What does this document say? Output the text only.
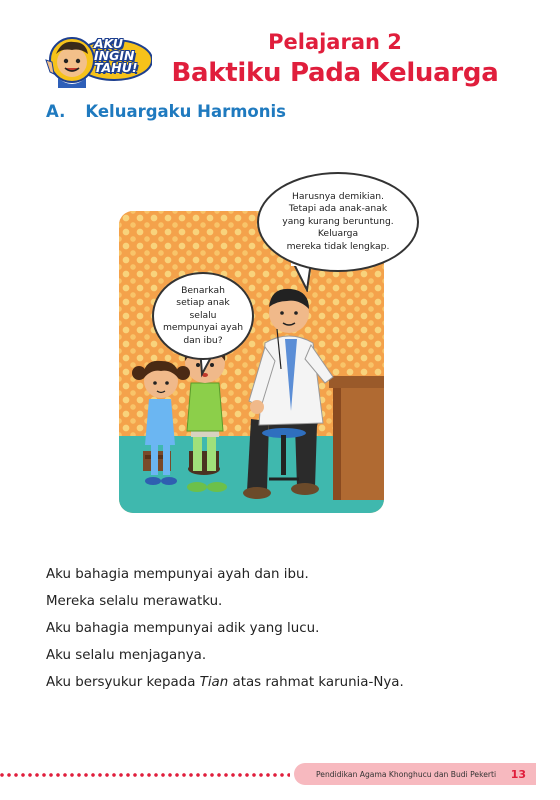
AKU
INGIN
TAHU!
Pelajaran 2
Baktiku Pada Keluarga
A. Keluargaku Harmonis
Harusnya demikian.
Tetapi ada anak-anak
yang kurang beruntung. Keluarga
mereka tidak lengkap.
Benarkah
setiap anak selalu
mempunyai ayah
dan ibu?

Aku bahagia mempunyai ayah dan ibu.

Mereka selalu merawatku.

Aku bahagia mempunyai adik yang lucu.

Aku selalu menjaganya.

Aku bersyukur kepada Tian atas rahmat karunia-Nya.

Pendidikan Agama Khonghucu dan Budi Pekerti 13
